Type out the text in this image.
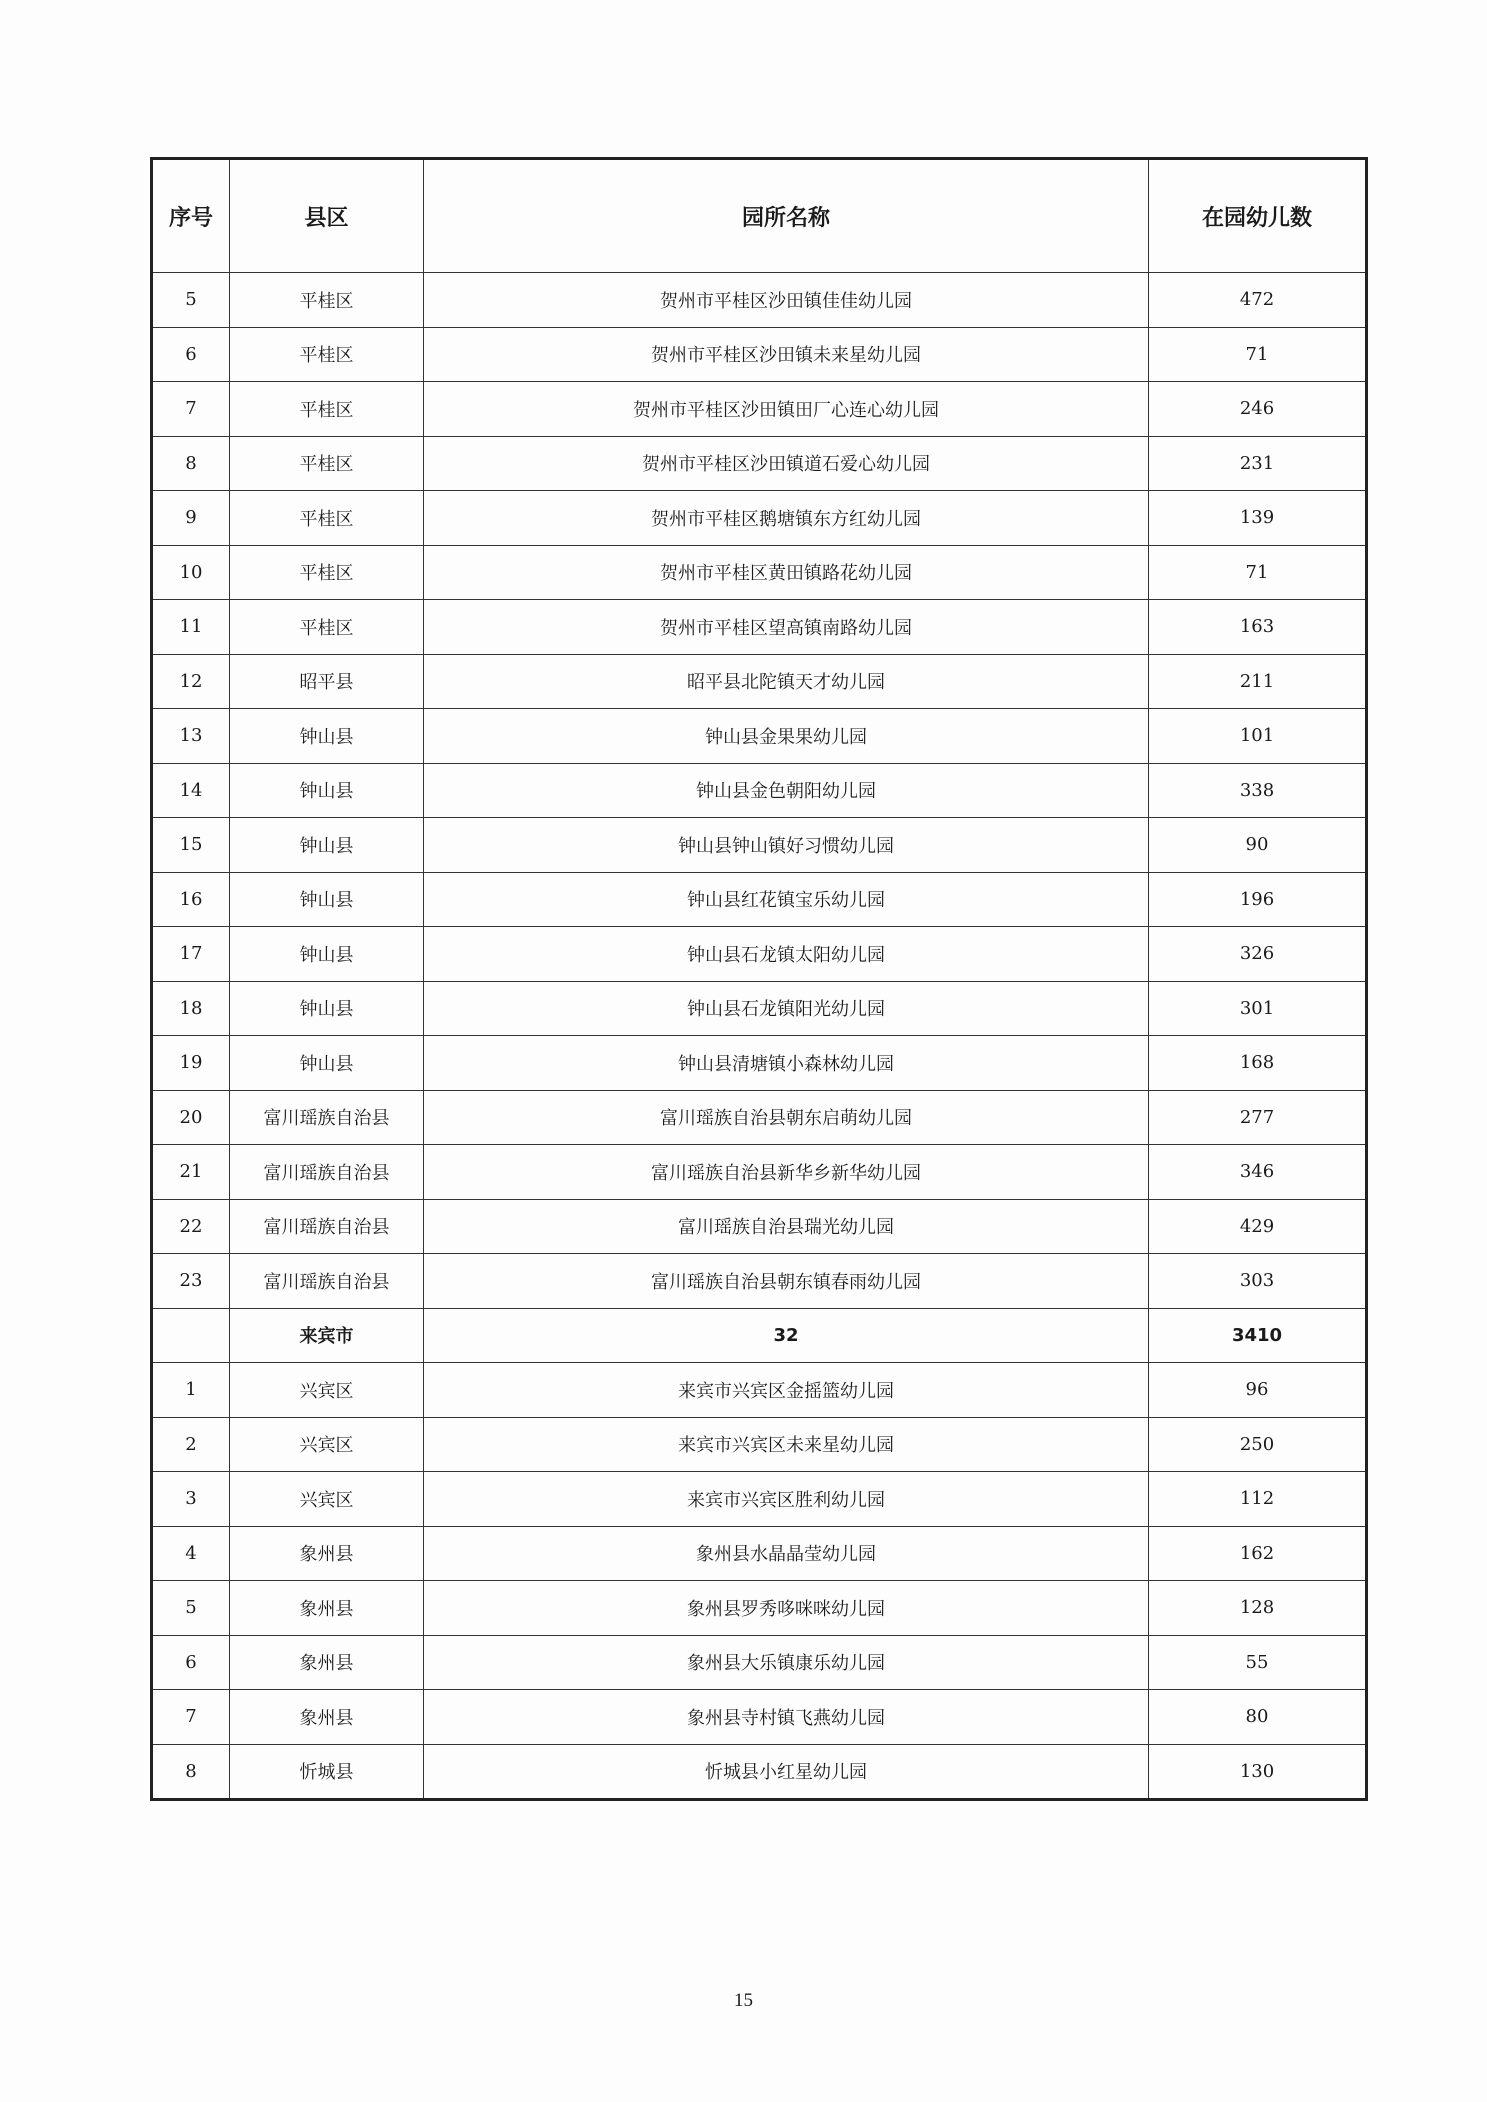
序号	县区	园所名称	在园幼儿数
5	平桂区	贺州市平桂区沙田镇佳佳幼儿园	472
6	平桂区	贺州市平桂区沙田镇未来星幼儿园	71
7	平桂区	贺州市平桂区沙田镇田厂心连心幼儿园	246
8	平桂区	贺州市平桂区沙田镇道石爱心幼儿园	231
9	平桂区	贺州市平桂区鹅塘镇东方红幼儿园	139
10	平桂区	贺州市平桂区黄田镇路花幼儿园	71
11	平桂区	贺州市平桂区望高镇南路幼儿园	163
12	昭平县	昭平县北陀镇天才幼儿园	211
13	钟山县	钟山县金果果幼儿园	101
14	钟山县	钟山县金色朝阳幼儿园	338
15	钟山县	钟山县钟山镇好习惯幼儿园	90
16	钟山县	钟山县红花镇宝乐幼儿园	196
17	钟山县	钟山县石龙镇太阳幼儿园	326
18	钟山县	钟山县石龙镇阳光幼儿园	301
19	钟山县	钟山县清塘镇小森林幼儿园	168
20	富川瑶族自治县	富川瑶族自治县朝东启萌幼儿园	277
21	富川瑶族自治县	富川瑶族自治县新华乡新华幼儿园	346
22	富川瑶族自治县	富川瑶族自治县瑞光幼儿园	429
23	富川瑶族自治县	富川瑶族自治县朝东镇春雨幼儿园	303
	来宾市	32	3410
1	兴宾区	来宾市兴宾区金摇篮幼儿园	96
2	兴宾区	来宾市兴宾区未来星幼儿园	250
3	兴宾区	来宾市兴宾区胜利幼儿园	112
4	象州县	象州县水晶晶莹幼儿园	162
5	象州县	象州县罗秀哆咪咪幼儿园	128
6	象州县	象州县大乐镇康乐幼儿园	55
7	象州县	象州县寺村镇飞燕幼儿园	80
8	忻城县	忻城县小红星幼儿园	130
15
